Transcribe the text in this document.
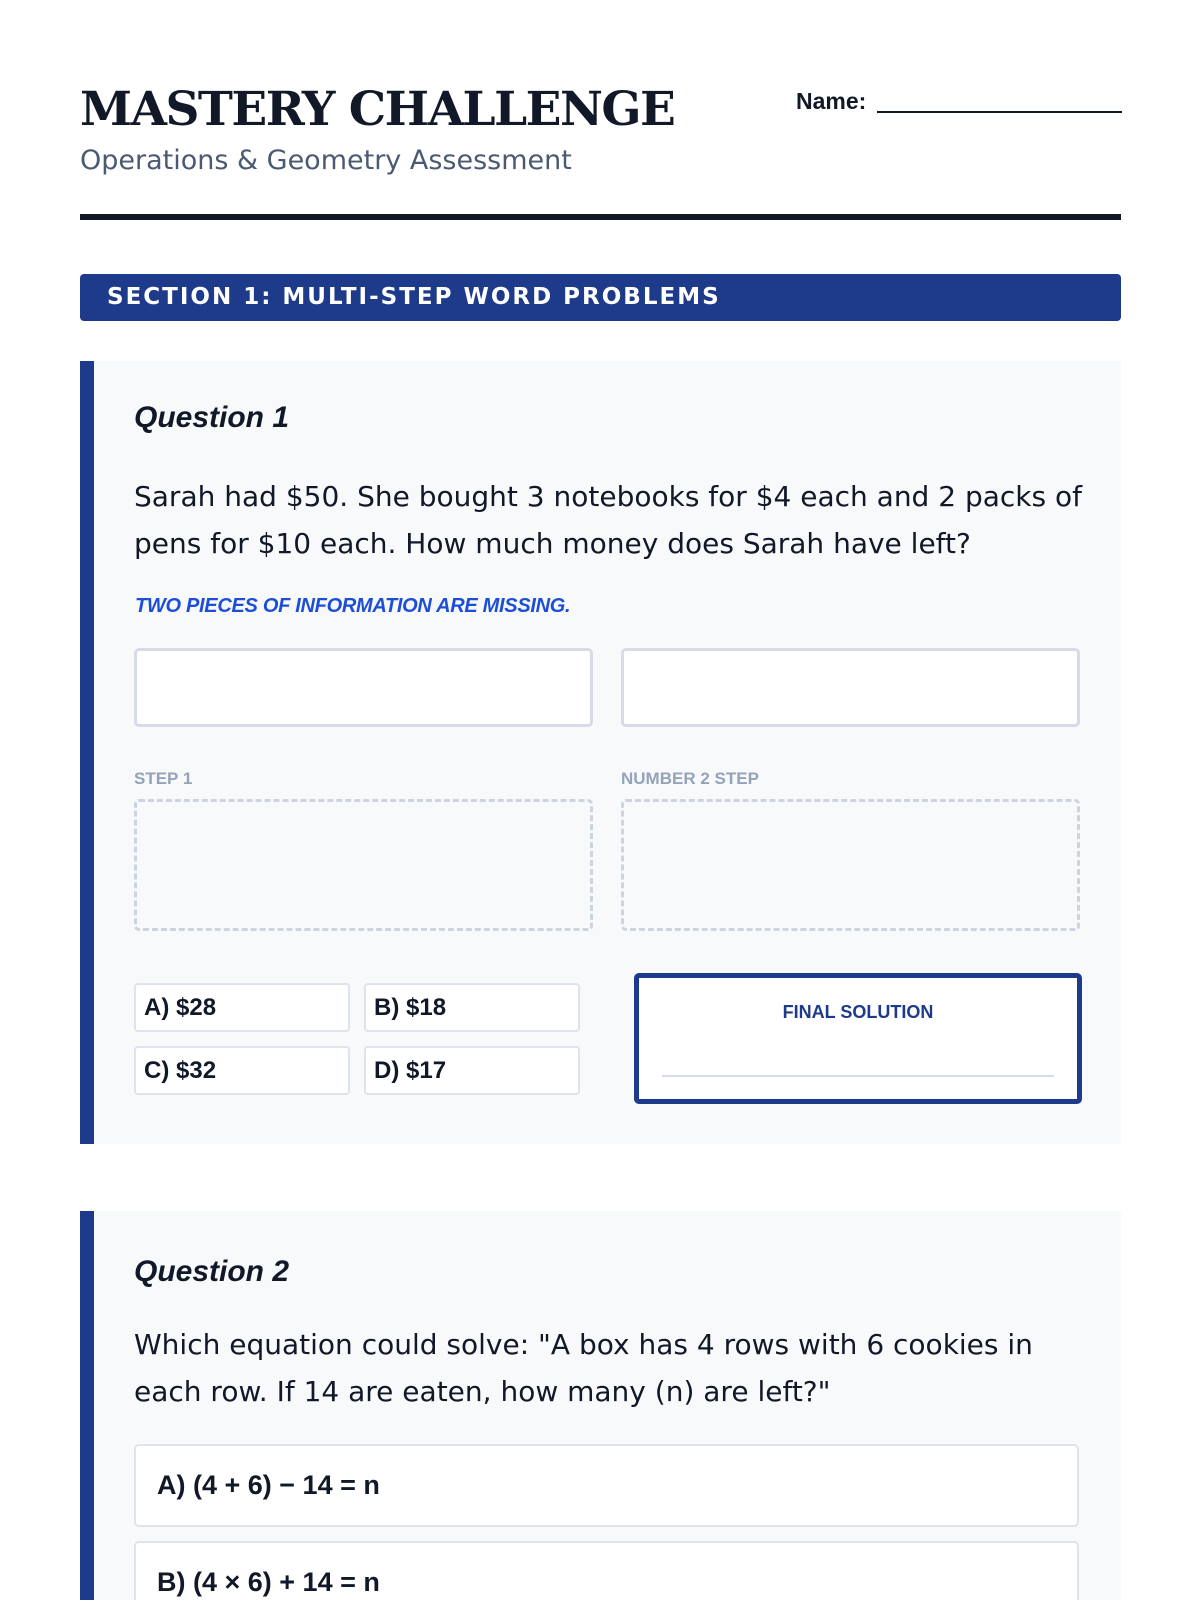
MASTERY CHALLENGE
Operations & Geometry Assessment
Name:
SECTION 1: MULTI-STEP WORD PROBLEMS
Question 1
Sarah had $50. She bought 3 notebooks for $4 each and 2 packs of pens for $10 each. How much money does Sarah have left?
TWO PIECES OF INFORMATION ARE MISSING.
STEP 1	NUMBER 2 STEP
A) $28	B) $18
C) $32	D) $17
FINAL SOLUTION
Question 2
Which equation could solve: "A box has 4 rows with 6 cookies in each row. If 14 are eaten, how many (n) are left?"
A) (4 + 6) − 14 = n
B) (4 × 6) + 14 = n
